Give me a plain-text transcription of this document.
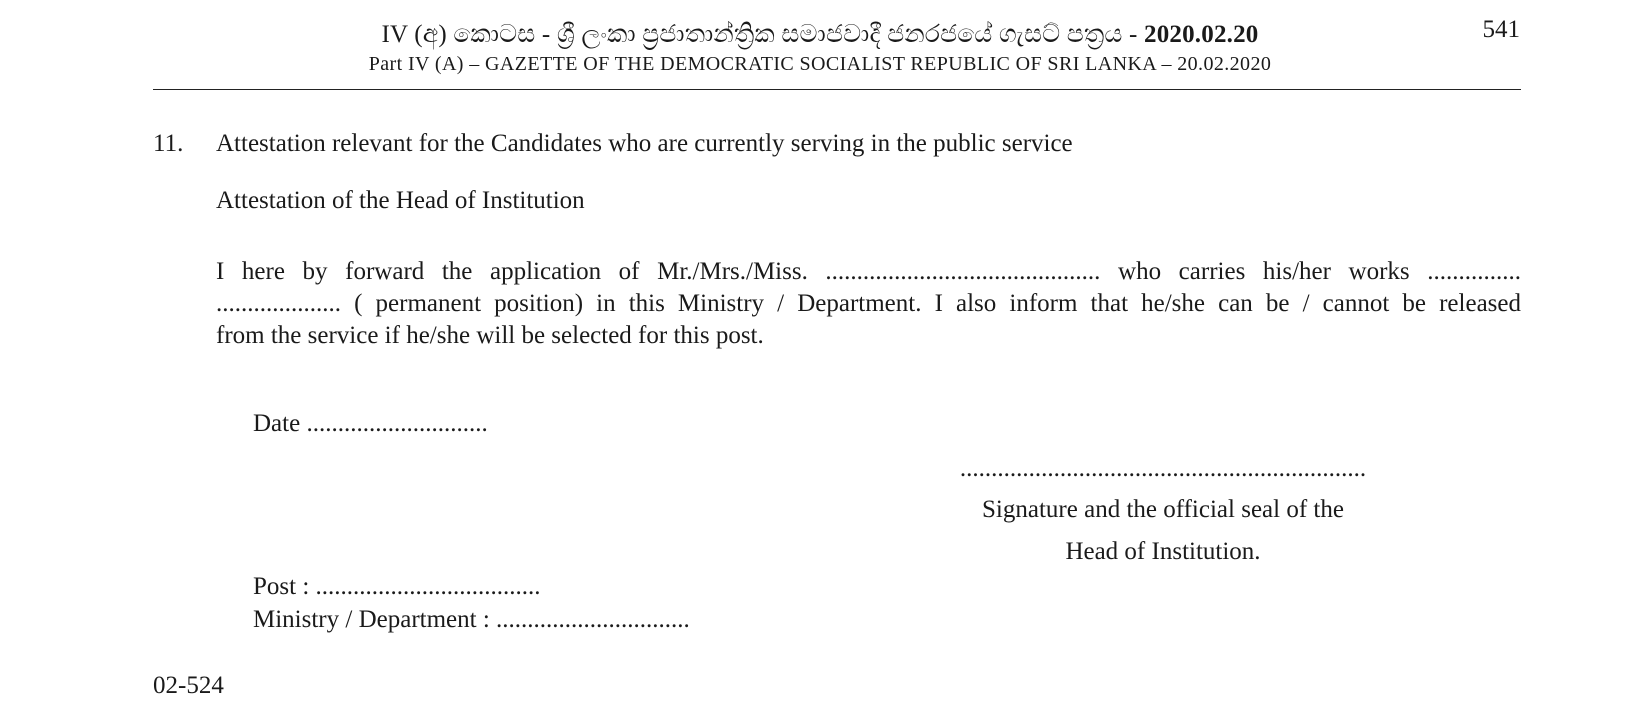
IV (අ) කොටස - ශ්‍රී ලංකා ප්‍රජාතාන්ත්‍රික සමාජවාදී ජනරජයේ ගැසට් පත්‍රය - 2020.02.20
Part IV (A) – GAZETTE OF THE DEMOCRATIC SOCIALIST REPUBLIC OF SRI LANKA – 20.02.2020
541
11. Attestation relevant for the Candidates who are currently serving in the public service
Attestation of the Head of Institution
I here by forward the application of Mr./Mrs./Miss. ............................................ who carries his/her works ...............
.................... ( permanent position) in this Ministry / Department. I also inform that he/she can be / cannot be released
from the service if he/she will be selected for this post.
Date .............................
.................................................................
Signature and the official seal of the
Head of Institution.
Post : ....................................
Ministry / Department : ...............................
02-524
